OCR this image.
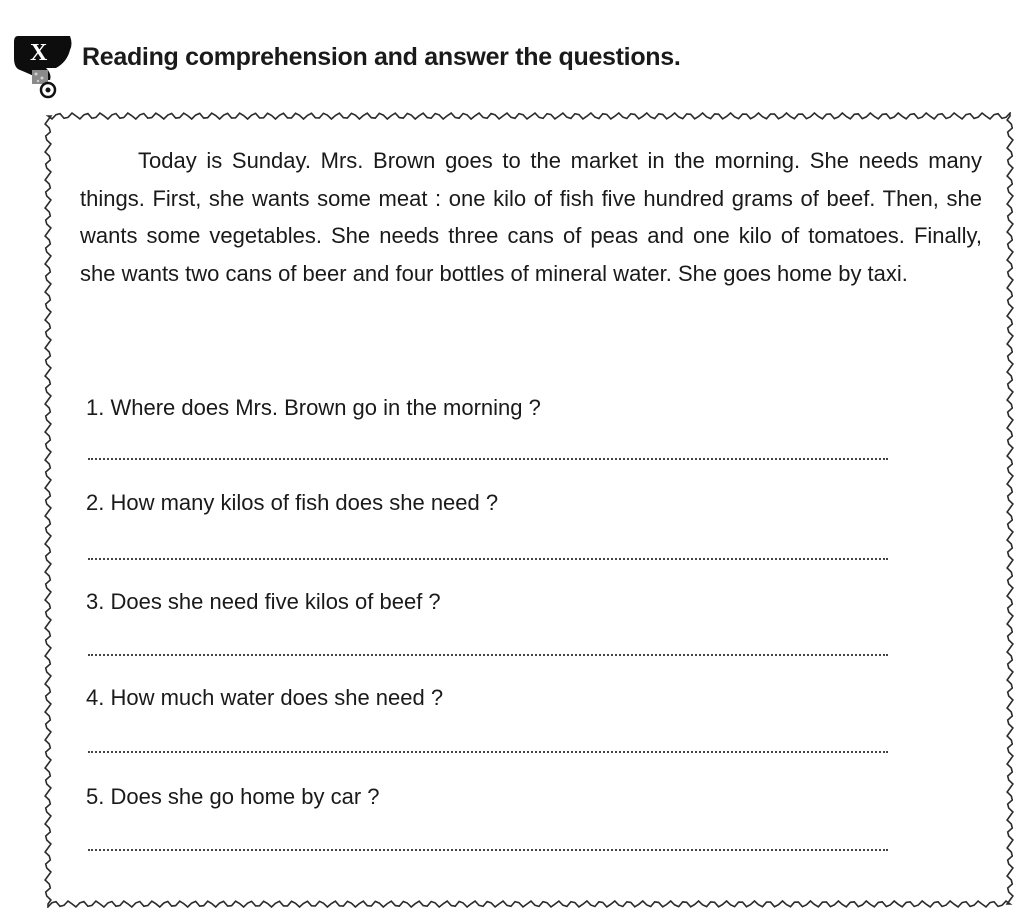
X Reading comprehension and answer the questions.

Today is Sunday. Mrs. Brown goes to the market in the morning. She needs many things. First, she wants some meat : one kilo of fish five hundred grams of beef. Then, she wants some vegetables. She needs three cans of peas and one kilo of tomatoes. Finally, she wants two cans of beer and four bottles of mineral water. She goes home by taxi.

1. Where does Mrs. Brown go in the morning ?
2. How many kilos of fish does she need ?
3. Does she need five kilos of beef ?
4. How much water does she need ?
5. Does she go home by car ?
